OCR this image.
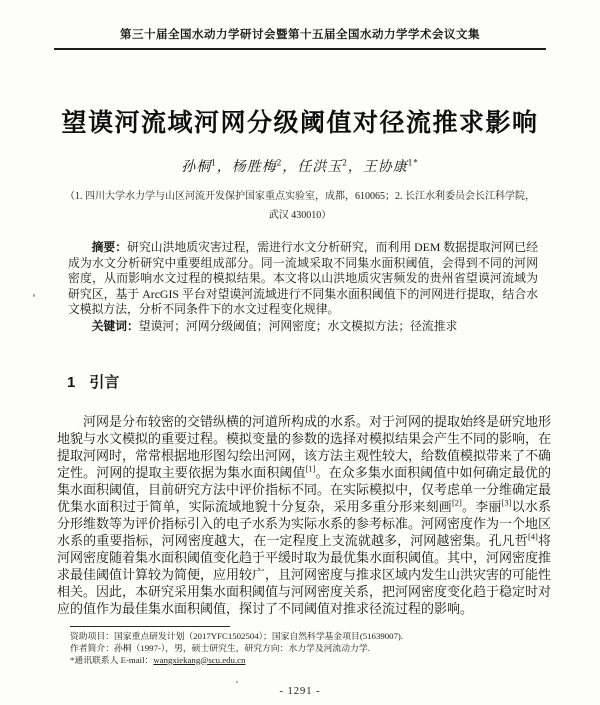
第三十届全国水动力学研讨会暨第十五届全国水动力学学术会议文集
望谟河流域河网分级阈值对径流推求影响
孙桐$^1$，杨胜梅$^2$，任洪玉$^2$，王协康$^{1*}$
（1. 四川大学水力学与山区河流开发保护国家重点实验室，成都，610065；2. 长江水利委员会长江科学院，武汉 430010）
摘要：研究山洪地质灾害过程，需进行水文分析研究，而利用 DEM 数据提取河网已经成为水文分析研究中重要组成部分。同一流域采取不同集水面积阈值，会得到不同的河网密度，从而影响水文过程的模拟结果。本文将以山洪地质灾害频发的贵州省望谟河流域为研究区，基于 ArcGIS 平台对望谟河流域进行不同集水面积阈值下的河网进行提取，结合水文模拟方法，分析不同条件下的水文过程变化规律。
关键词：望谟河；河网分级阈值；河网密度；水文模拟方法；径流推求
1 引言

河网是分布较密的交错纵横的河道所构成的水系。对于河网的提取始终是研究地形地貌与水文模拟的重要过程。模拟变量的参数的选择对模拟结果会产生不同的影响，在提取河网时，常常根据地形图勾绘出河网，该方法主观性较大，给数值模拟带来了不确定性。河网的提取主要依据为集水面积阈值[1]。在众多集水面积阈值中如何确定最优的集水面积阈值，目前研究方法中评价指标不同。在实际模拟中，仅考虑单一分维确定最优集水面积过于简单，实际流域地貌十分复杂，采用多重分形来刻画[2]。李丽[3]以水系分形维数等为评价指标引入的电子水系为实际水系的参考标准。河网密度作为一个地区水系的重要指标，河网密度越大，在一定程度上支流就越多，河网越密集。孔凡哲[4]将河网密度随着集水面积阈值变化趋于平缓时取为最优集水面积阈值。其中，河网密度推求最佳阈值计算较为简便，应用较广，且河网密度与推求区域内发生山洪灾害的可能性相关。因此，本研究采用集水面积阈值与河网密度关系，把河网密度变化趋于稳定时对应的值作为最佳集水面积阈值，探讨了不同阈值对推求径流过程的影响。

资助项目：国家重点研发计划（2017YFC1502504）；国家自然科学基金项目(51639007).
作者简介：孙桐（1997-），男，硕士研究生，研究方向：水力学及河流动力学.
*通讯联系人 E-mail：wangxiekang@scu.edu.cn
- 1291 -
